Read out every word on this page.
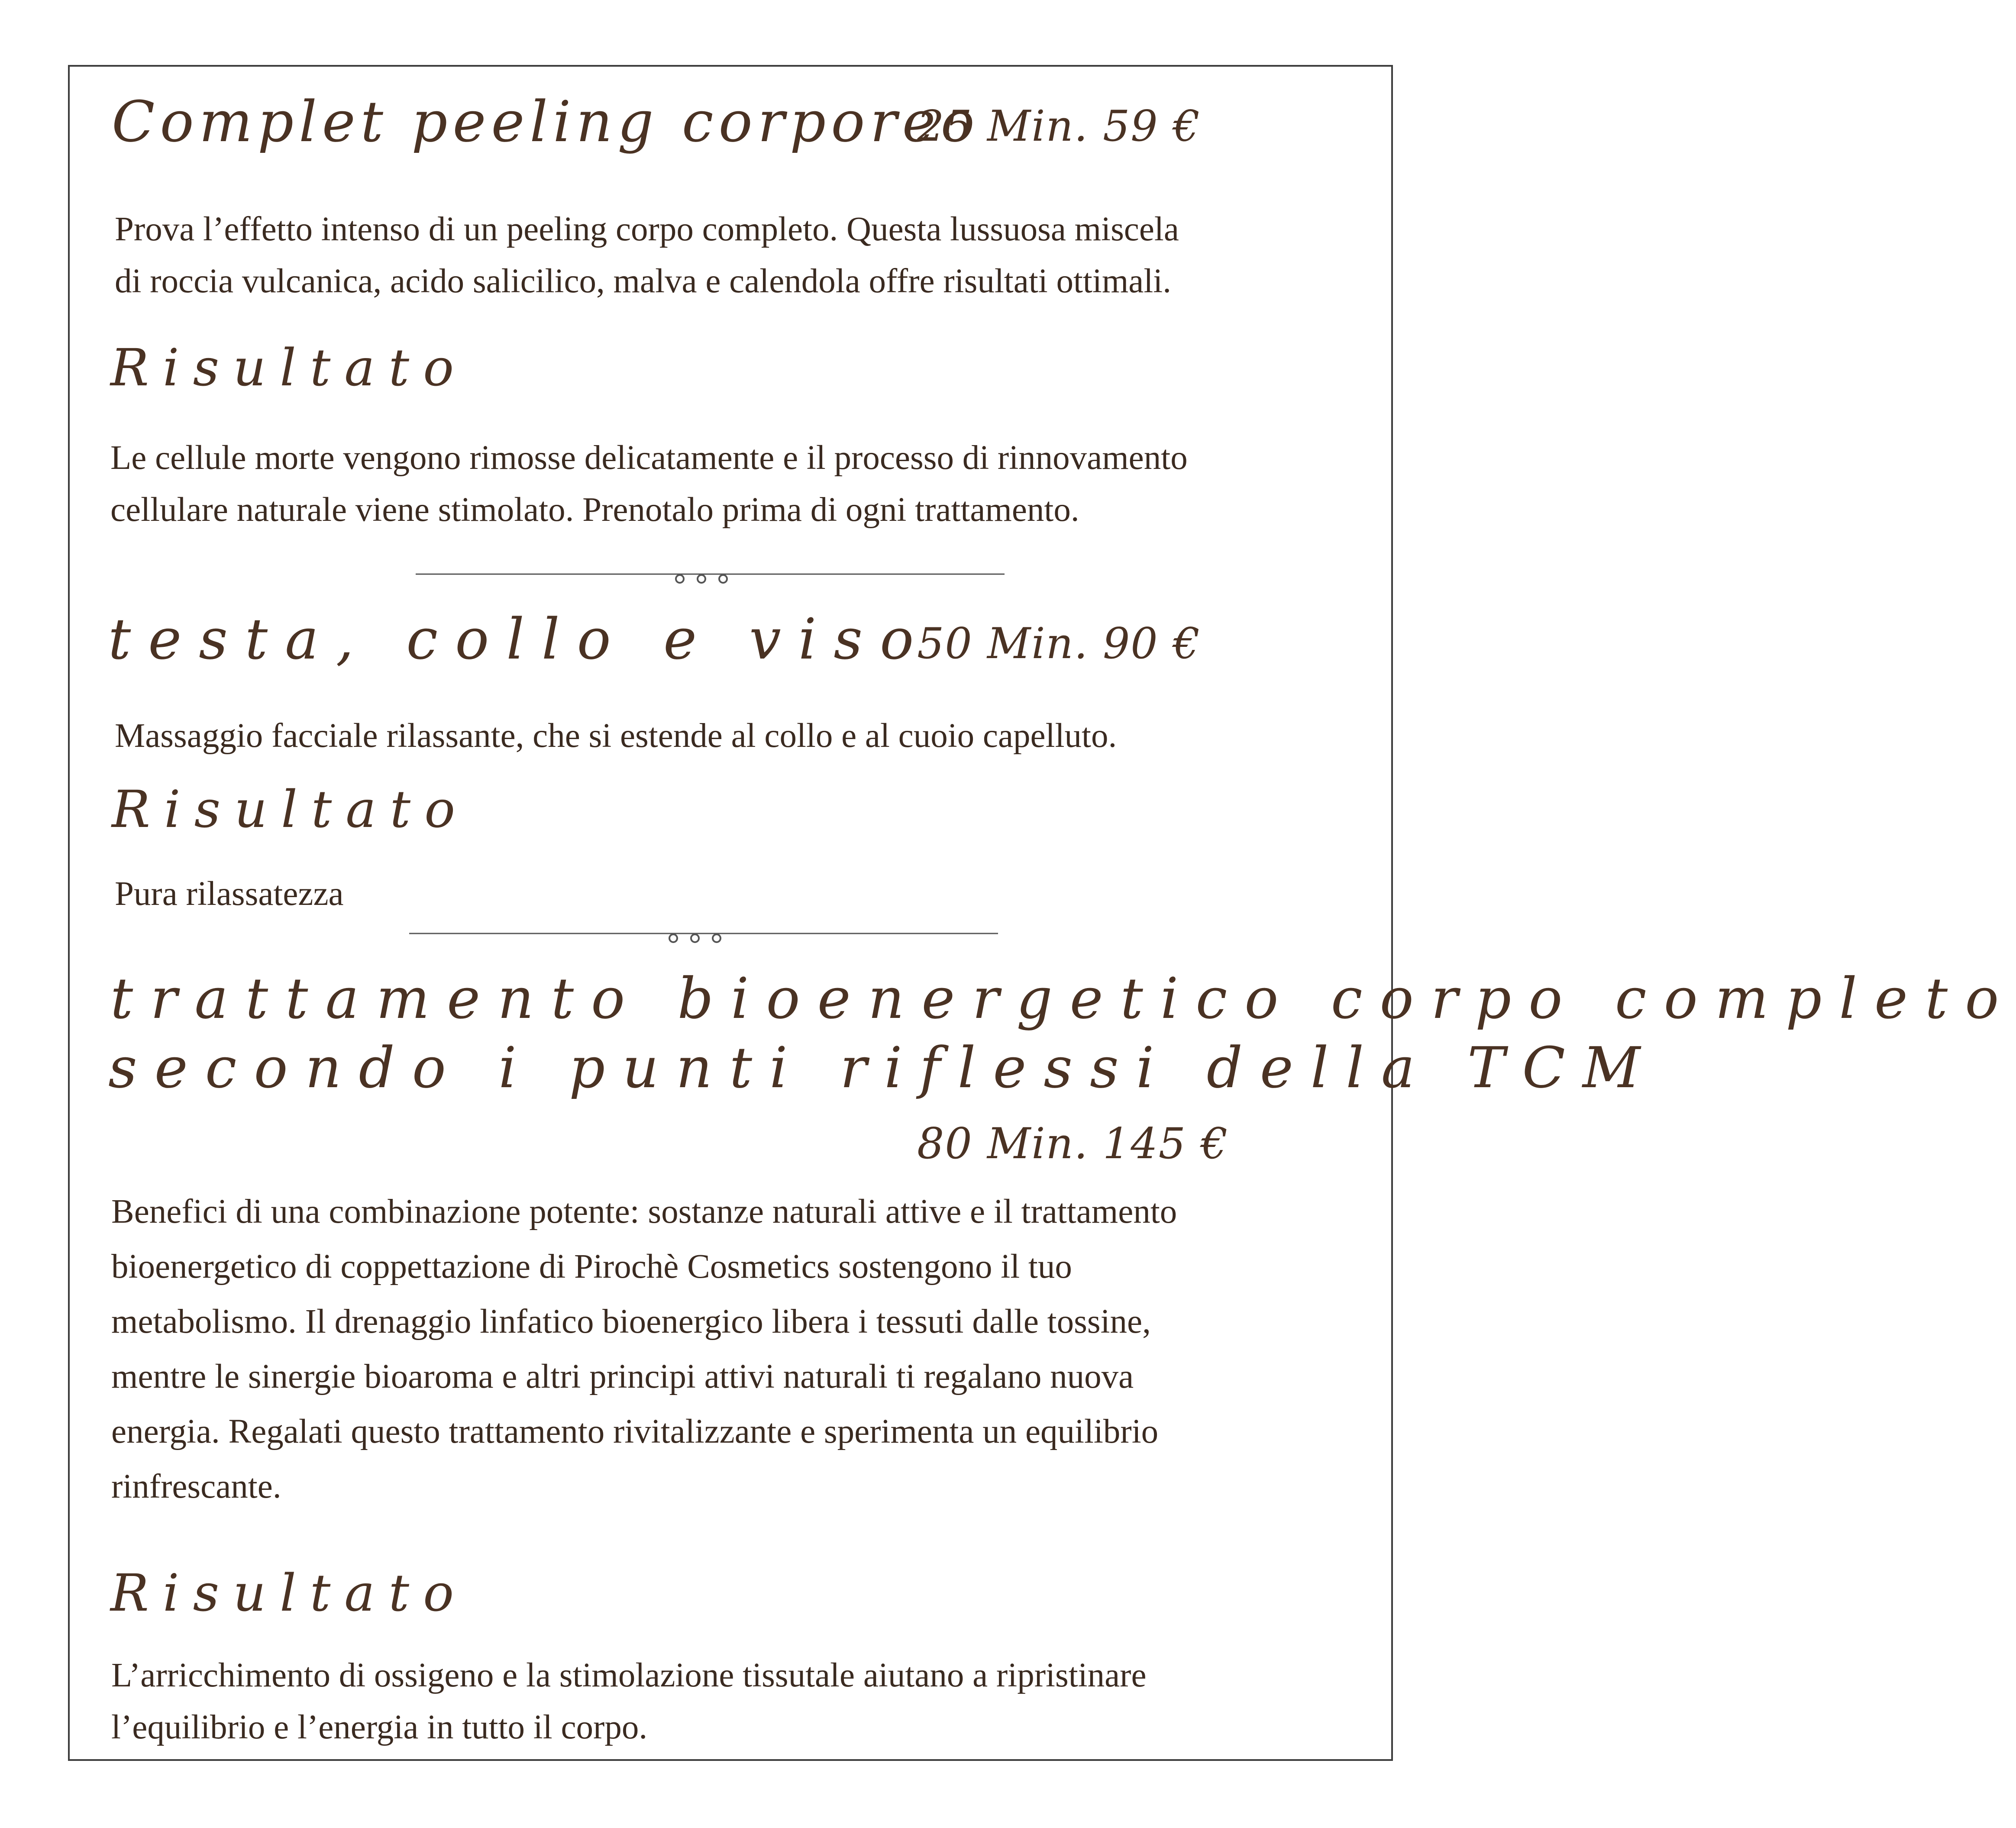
Complet peeling corporeo
25 Min. 59 €
Prova l’effetto intenso di un peeling corpo completo. Questa lussuosa miscela
di roccia vulcanica, acido salicilico, malva e calendola offre risultati ottimali.
Risultato
Le cellule morte vengono rimosse delicatamente e il processo di rinnovamento
cellulare naturale viene stimolato. Prenotalo prima di ogni trattamento.
testa, collo e viso
50 Min. 90 €
Massaggio facciale rilassante, che si estende al collo e al cuoio capelluto.
Risultato
Pura rilassatezza
trattamento bioenergetico corpo completo
secondo i punti riflessi della TCM
80 Min. 145 €
Benefici di una combinazione potente: sostanze naturali attive e il trattamento
bioenergetico di coppettazione di Pirochè Cosmetics sostengono il tuo
metabolismo. Il drenaggio linfatico bioenergico libera i tessuti dalle tossine,
mentre le sinergie bioaroma e altri principi attivi naturali ti regalano nuova
energia. Regalati questo trattamento rivitalizzante e sperimenta un equilibrio
rinfrescante.
Risultato
L’arricchimento di ossigeno e la stimolazione tissutale aiutano a ripristinare
l’equilibrio e l’energia in tutto il corpo.
